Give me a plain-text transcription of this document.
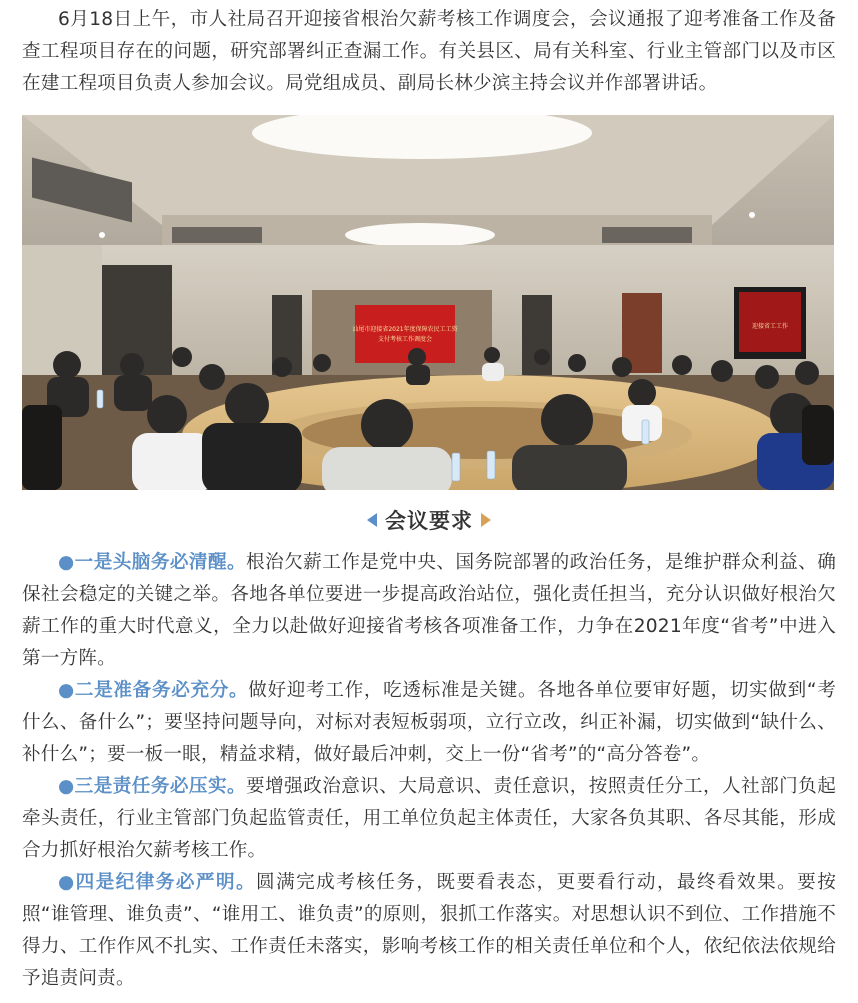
6月18日上午，市人社局召开迎接省根治欠薪考核工作调度会，会议通报了迎考准备工作及备查工程项目存在的问题，研究部署纠正查漏工作。有关县区、局有关科室、行业主管部门以及市区在建工程项目负责人参加会议。局党组成员、副局长林少滨主持会议并作部署讲话。

汕尾市迎接省2021年度保障农民工工资
支付考核工作调度会
迎接省工工作
会议要求

●一是头脑务必清醒。根治欠薪工作是党中央、国务院部署的政治任务，是维护群众利益、确保社会稳定的关键之举。各地各单位要进一步提高政治站位，强化责任担当，充分认识做好根治欠薪工作的重大时代意义，全力以赴做好迎接省考核各项准备工作，力争在2021年度“省考”中进入第一方阵。

●二是准备务必充分。做好迎考工作，吃透标准是关键。各地各单位要审好题，切实做到“考什么、备什么”；要坚持问题导向，对标对表短板弱项，立行立改，纠正补漏，切实做到“缺什么、补什么”；要一板一眼，精益求精，做好最后冲刺，交上一份“省考”的“高分答卷”。

●三是责任务必压实。要增强政治意识、大局意识、责任意识，按照责任分工，人社部门负起牵头责任，行业主管部门负起监管责任，用工单位负起主体责任，大家各负其职、各尽其能，形成合力抓好根治欠薪考核工作。

●四是纪律务必严明。圆满完成考核任务，既要看表态，更要看行动，最终看效果。要按照“谁管理、谁负责”、“谁用工、谁负责”的原则，狠抓工作落实。对思想认识不到位、工作措施不得力、工作作风不扎实、工作责任未落实，影响考核工作的相关责任单位和个人，依纪依法依规给予追责问责。
